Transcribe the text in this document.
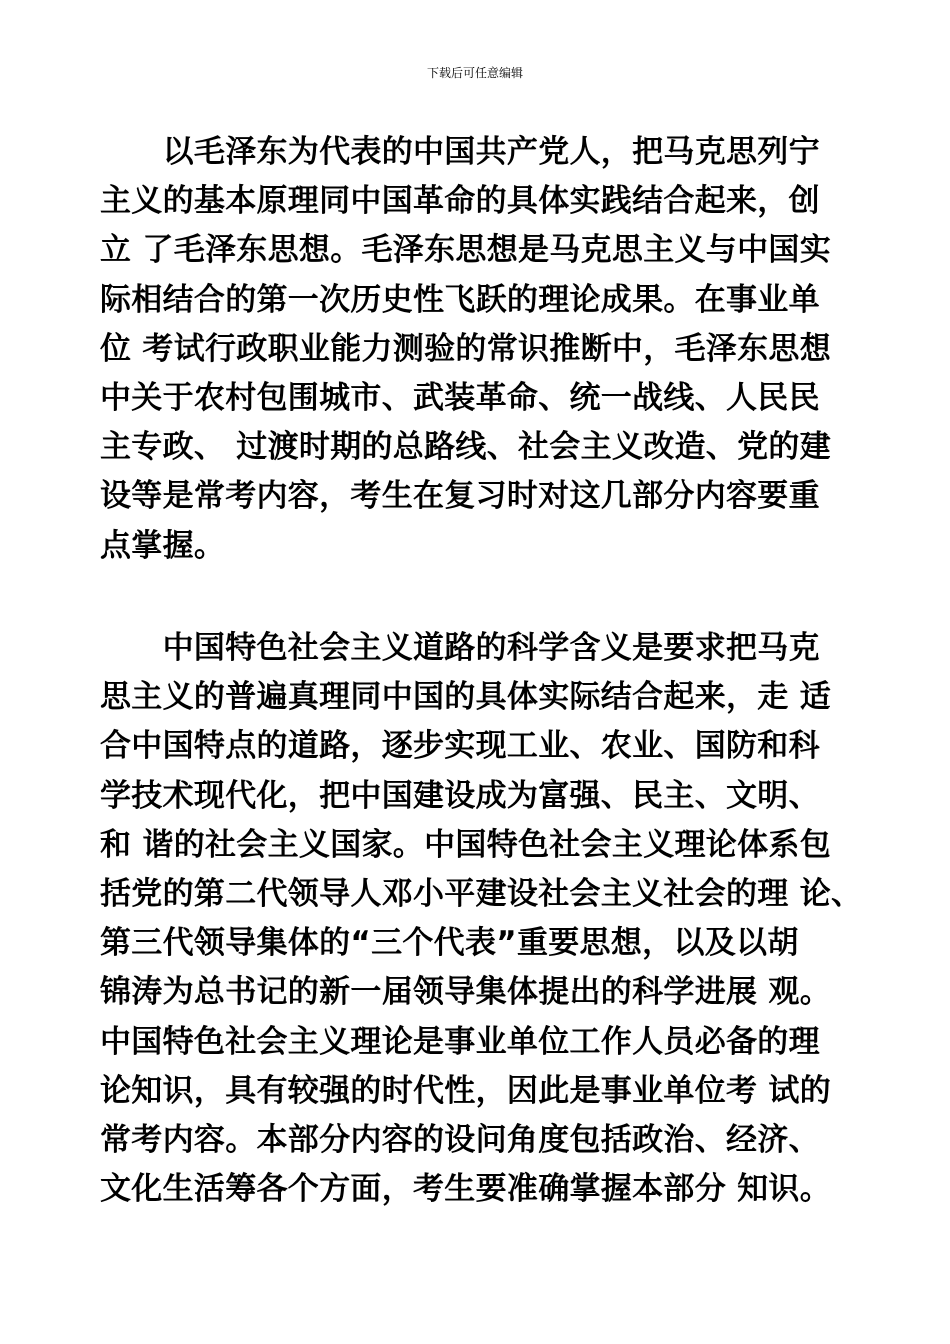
下载后可任意编辑
　　以毛泽东为代表的中国共产党人，把马克思列宁
主义的基本原理同中国革命的具体实践结合起来，创
立 了毛泽东思想。毛泽东思想是马克思主义与中国实
际相结合的第一次历史性飞跃的理论成果。在事业单
位 考试行政职业能力测验的常识推断中，毛泽东思想
中关于农村包围城市、武装革命、统一战线、人民民
主专政、 过渡时期的总路线、社会主义改造、党的建
设等是常考内容，考生在复习时对这几部分内容要重
点掌握。
　　中国特色社会主义道路的科学含义是要求把马克
思主义的普遍真理同中国的具体实际结合起来，走 适
合中国特点的道路，逐步实现工业、农业、国防和科
学技术现代化，把中国建设成为富强、民主、文明、
和 谐的社会主义国家。中国特色社会主义理论体系包
括党的第二代领导人邓小平建设社会主义社会的理 论、
第三代领导集体的“三个代表”重要思想，以及以胡
锦涛为总书记的新一届领导集体提出的科学进展 观。
中国特色社会主义理论是事业单位工作人员必备的理
论知识，具有较强的时代性，因此是事业单位考 试的
常考内容。本部分内容的设问角度包括政治、经济、
文化生活筹各个方面，考生要准确掌握本部分 知识。
